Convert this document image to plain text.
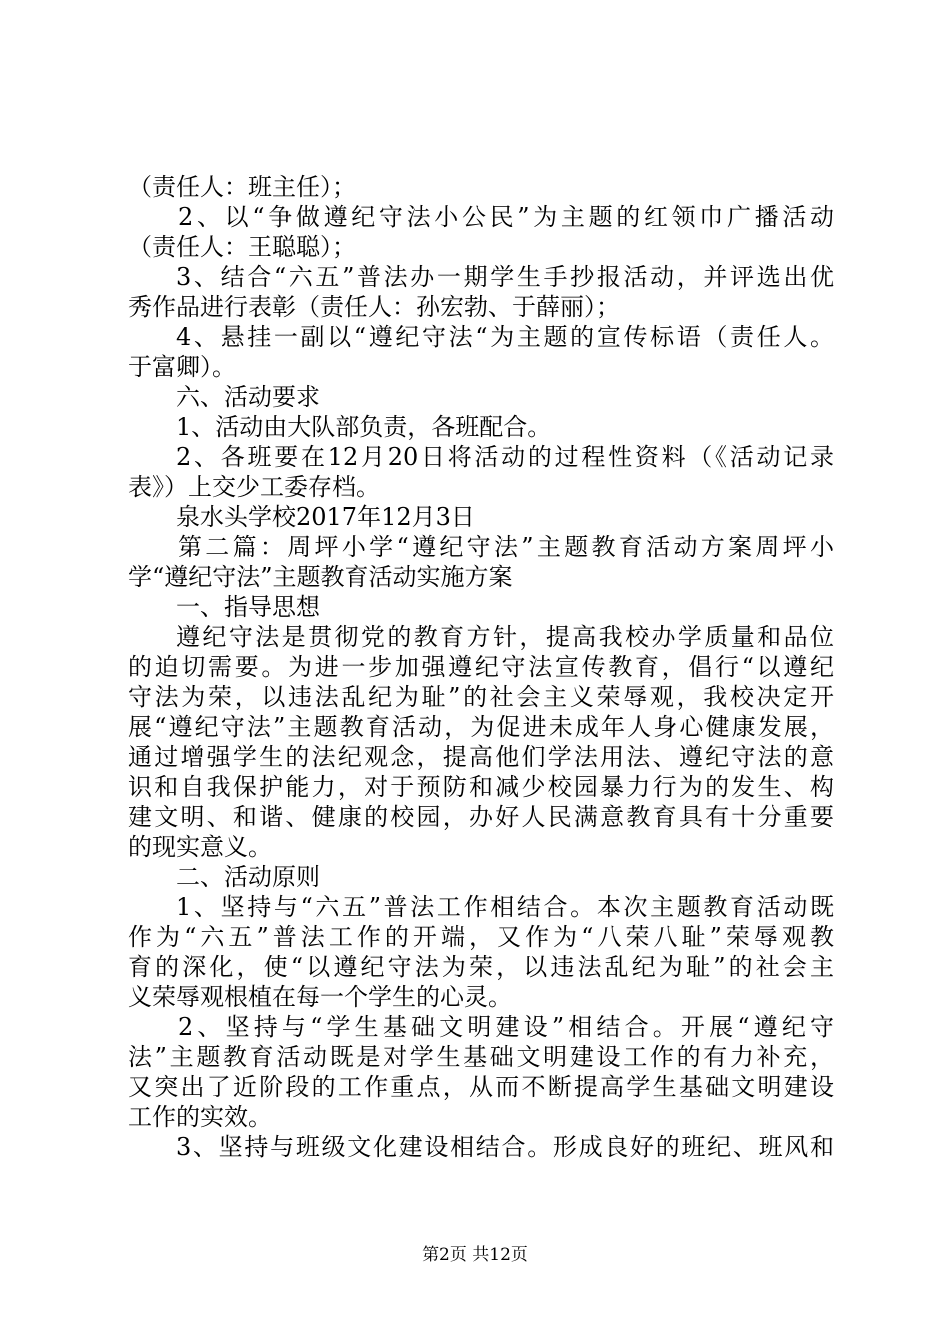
（责任人：班主任）；
2、以“争做遵纪守法小公民”为主题的红领巾广播活动
（责任人：王聪聪）；
3、结合“六五”普法办一期学生手抄报活动，并评选出优
秀作品进行表彰（责任人：孙宏勃、于薛丽）；
4、悬挂一副以“遵纪守法“为主题的宣传标语（责任人。
于富卿）。
六、活动要求
1、活动由大队部负责，各班配合。
2、各班要在12月20日将活动的过程性资料（《活动记录
表》）上交少工委存档。
泉水头学校2017年12月3日
第二篇：周坪小学“遵纪守法”主题教育活动方案周坪小
学“遵纪守法”主题教育活动实施方案
一、指导思想
遵纪守法是贯彻党的教育方针，提高我校办学质量和品位
的迫切需要。为进一步加强遵纪守法宣传教育，倡行“以遵纪
守法为荣，以违法乱纪为耻”的社会主义荣辱观，我校决定开
展“遵纪守法”主题教育活动，为促进未成年人身心健康发展，
通过增强学生的法纪观念，提高他们学法用法、遵纪守法的意
识和自我保护能力，对于预防和减少校园暴力行为的发生、构
建文明、和谐、健康的校园，办好人民满意教育具有十分重要
的现实意义。
二、活动原则
1、坚持与“六五”普法工作相结合。本次主题教育活动既
作为“六五”普法工作的开端，又作为“八荣八耻”荣辱观教
育的深化，使“以遵纪守法为荣，以违法乱纪为耻”的社会主
义荣辱观根植在每一个学生的心灵。
2、坚持与“学生基础文明建设”相结合。开展“遵纪守
法”主题教育活动既是对学生基础文明建设工作的有力补充，
又突出了近阶段的工作重点，从而不断提高学生基础文明建设
工作的实效。
3、坚持与班级文化建设相结合。形成良好的班纪、班风和
第2页 共12页
